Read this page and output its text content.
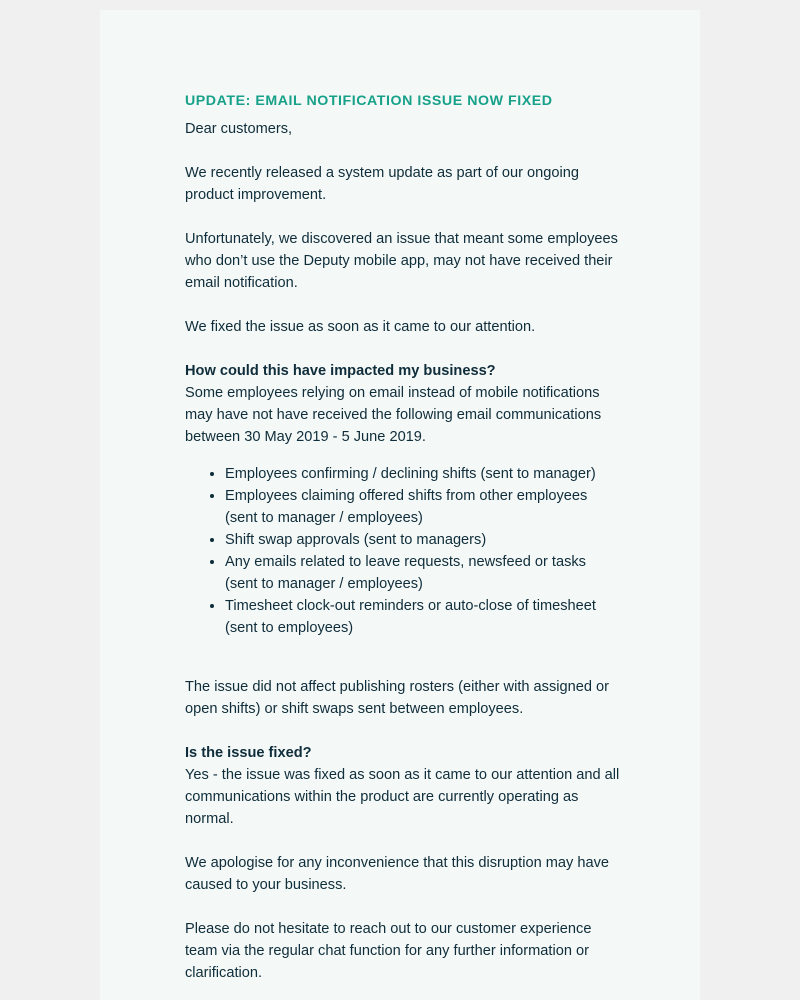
UPDATE: EMAIL NOTIFICATION ISSUE NOW FIXED

Dear customers,

We recently released a system update as part of our ongoing product improvement.

Unfortunately, we discovered an issue that meant some employees who don’t use the Deputy mobile app, may not have received their email notification.

We fixed the issue as soon as it came to our attention.

How could this have impacted my business?
Some employees relying on email instead of mobile notifications may have not have received the following email communications between 30 May 2019 - 5 June 2019.

• Employees confirming / declining shifts (sent to manager)
• Employees claiming offered shifts from other employees (sent to manager / employees)
• Shift swap approvals (sent to managers)
• Any emails related to leave requests, newsfeed or tasks (sent to manager / employees)
• Timesheet clock-out reminders or auto-close of timesheet (sent to employees)

The issue did not affect publishing rosters (either with assigned or open shifts) or shift swaps sent between employees.

Is the issue fixed?
Yes - the issue was fixed as soon as it came to our attention and all communications within the product are currently operating as normal.

We apologise for any inconvenience that this disruption may have caused to your business.

Please do not hesitate to reach out to our customer experience team via the regular chat function for any further information or clarification.
